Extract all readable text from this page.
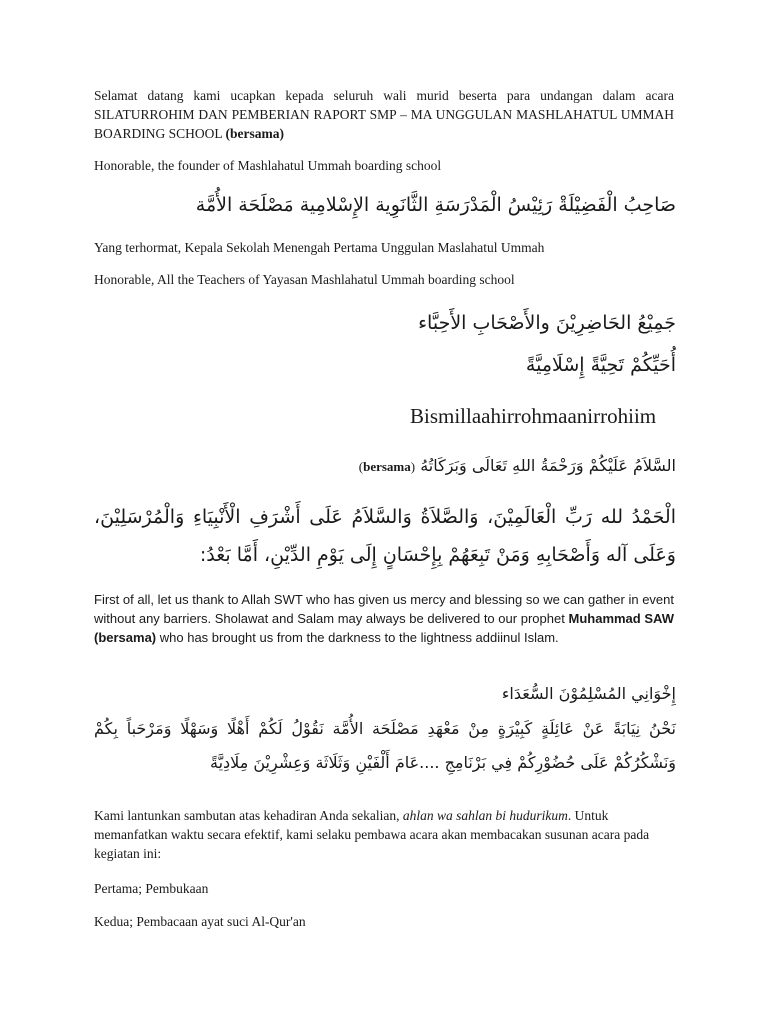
Selamat datang kami ucapkan kepada seluruh wali murid beserta para undangan dalam acara SILATURROHIM DAN PEMBERIAN RAPORT SMP – MA UNGGULAN MASHLAHATUL UMMAH BOARDING SCHOOL (bersama)

Honorable, the founder of Mashlahatul Ummah boarding school

صَاحِبُ الْفَضِيْلَةْ رَئِيْسُ الْمَدْرَسَةِ الثَّانَوِية الإِسْلامِية مَصْلَحَة الأُمَّة

Yang terhormat, Kepala Sekolah Menengah Pertama Unggulan Maslahatul Ummah

Honorable, All the Teachers of Yayasan Mashlahatul Ummah boarding school

جَمِيْعُ الحَاضِرِيْنَ والأَصْحَابِ الأَحِبَّاء

أُحَيِّكُمْ تَحِيَّةً إِسْلَامِيَّةً

Bismillaahirrohmaanirrohiim

السَّلاَمُ عَلَيْكُمْ وَرَحْمَةُ اللهِ تَعَالَى وَبَرَكَاتُهُ (bersama)

الْحَمْدُ لله رَبِّ الْعَالَمِيْنَ، وَالصَّلاَةُ وَالسَّلاَمُ عَلَى أَشْرَفِ الْأَنْبِيَاءِ وَالْمُرْسَلِيْنَ، وَعَلَى آله وَأَصْحَابِهِ وَمَنْ تَبِعَهُمْ بِإِحْسَانٍ إِلَى يَوْمِ الدِّيْنِ، أَمَّا بَعْدُ:

First of all, let us thank to Allah SWT who has given us mercy and blessing so we can gather in event without any barriers. Sholawat and Salam may always be delivered to our prophet Muhammad SAW (bersama) who has brought us from the darkness to the lightness addiinul Islam.

إِخْوَانِي المُسْلِمُوْنَ السُّعَدَاء

نَحْنُ نِيَابَةً عَنْ عَائِلَةٍ كَبِيْرَةٍ مِنْ مَعْهَدِ مَصْلَحَة الأُمَّة نَقُوْلُ لَكُمْ أَهْلًا وَسَهْلًا وَمَرْحَباً بِكُمْ وَنَشْكُرُكُمْ عَلَى حُضُوْرِكُمْ فِي بَرْنَامِجِ ....عَامَ أَلْفَيْنِ وَثَلَاثَة وَعِشْرِيْنَ مِلَادِيَّةً

Kami lantunkan sambutan atas kehadiran Anda sekalian, ahlan wa sahlan bi hudurikum. Untuk memanfatkan waktu secara efektif, kami selaku pembawa acara akan membacakan susunan acara pada kegiatan ini:

Pertama; Pembukaan

Kedua; Pembacaan ayat suci Al-Qur'an
